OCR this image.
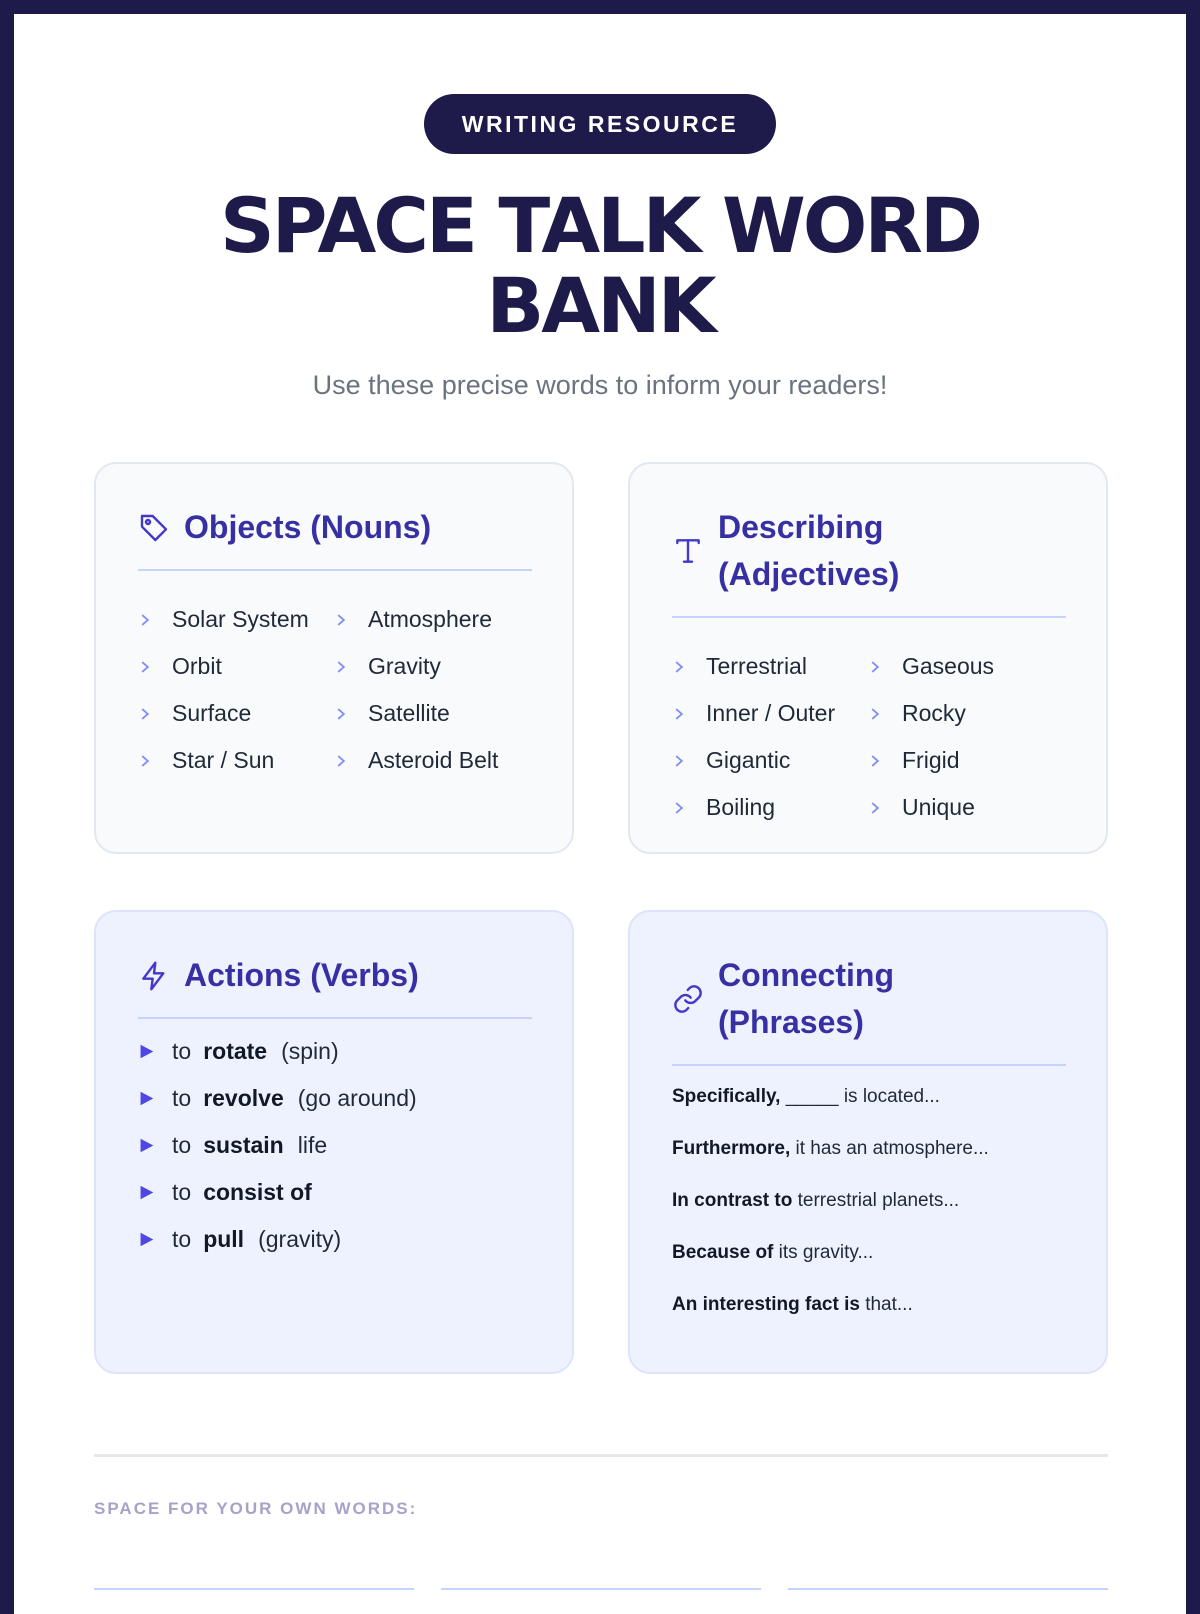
WRITING RESOURCE
SPACE TALK WORD
BANK
Use these precise words to inform your readers!
Objects (Nouns)
Solar System	Atmosphere
Orbit	Gravity
Surface	Satellite
Star / Sun	Asteroid Belt
Describing (Adjectives)
Terrestrial	Gaseous
Inner / Outer	Rocky
Gigantic	Frigid
Boiling	Unique
Actions (Verbs)
to rotate (spin)
to revolve (go around)
to sustain life
to consist of
to pull (gravity)
Connecting (Phrases)
Specifically, _____ is located...
Furthermore, it has an atmosphere...
In contrast to terrestrial planets...
Because of its gravity...
An interesting fact is that...
SPACE FOR YOUR OWN WORDS:
